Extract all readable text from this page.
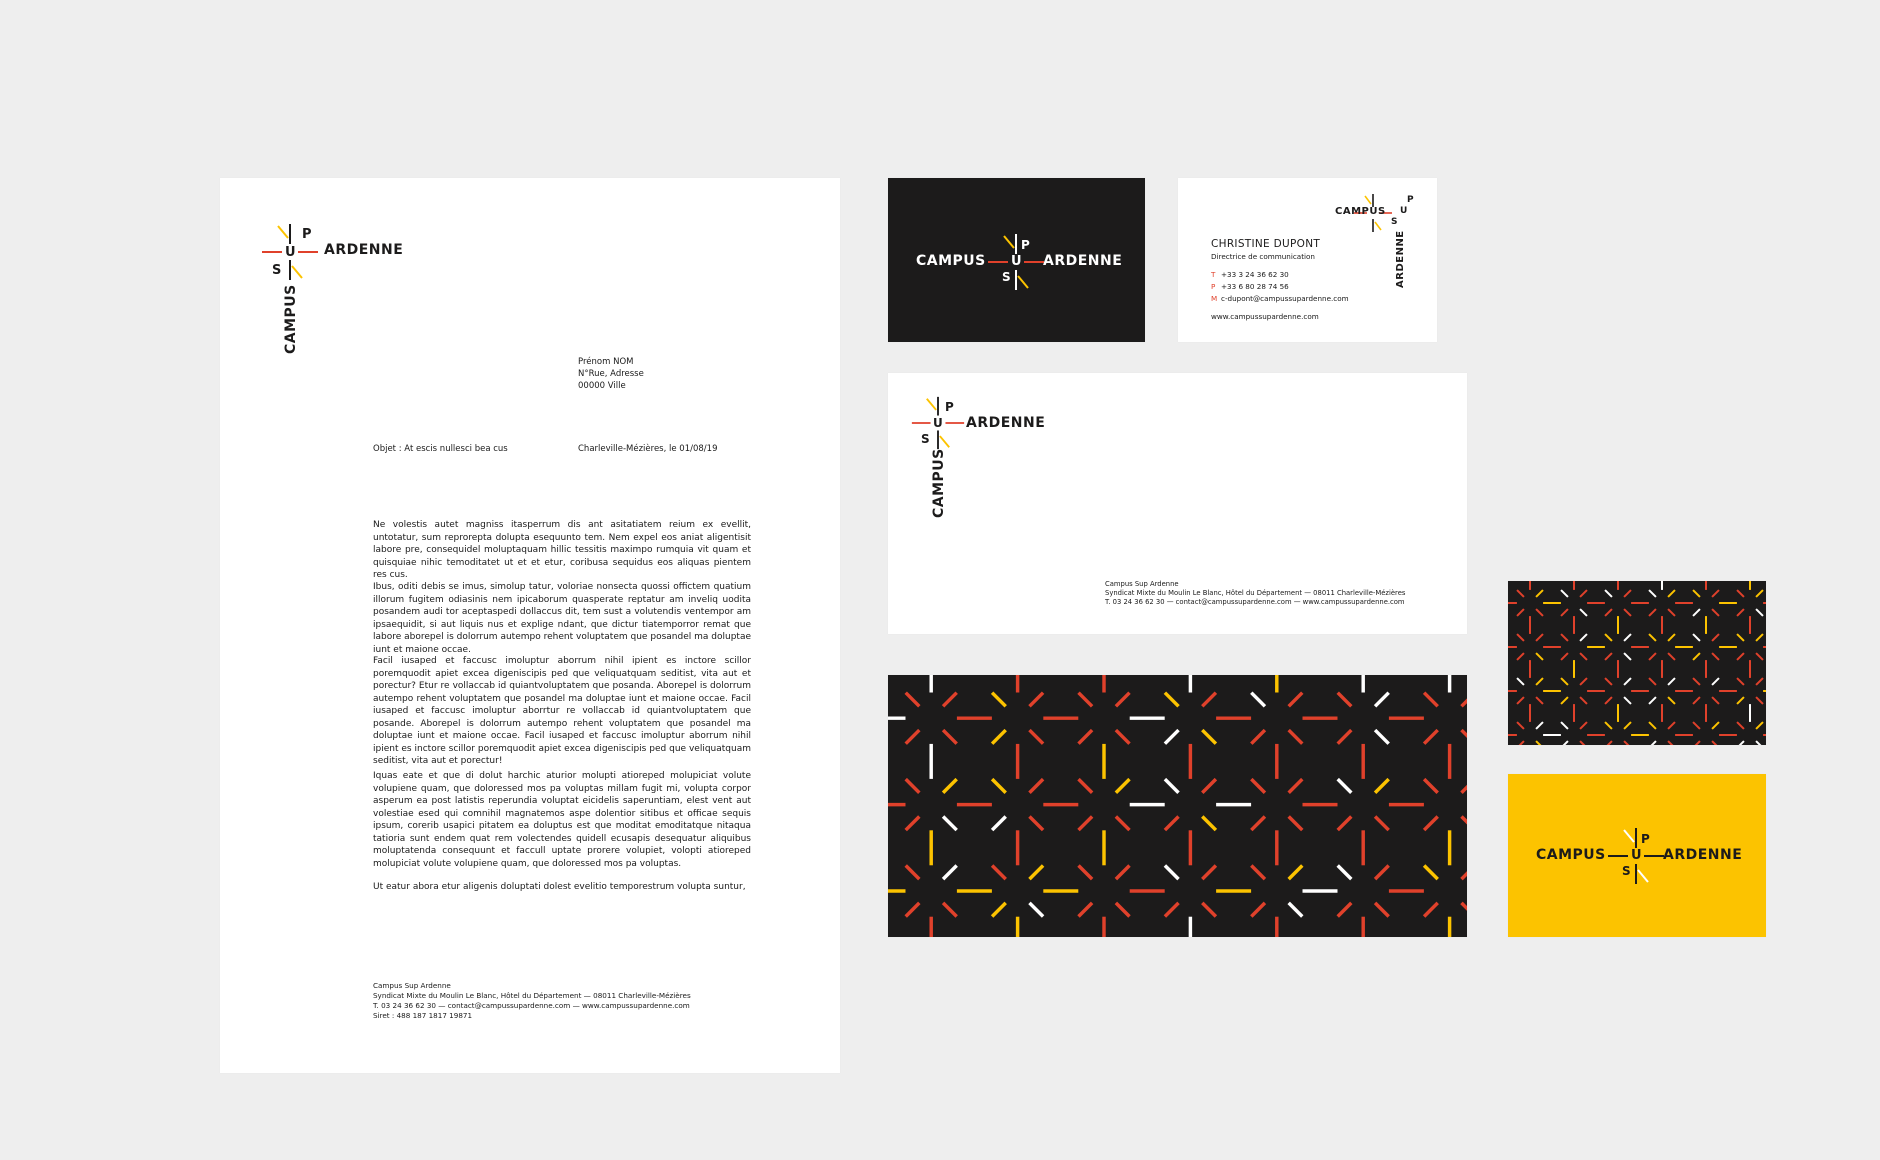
U
P
S
ARDENNE
CAMPUS
Prénom NOM
N°Rue, Adresse
00000 Ville
Objet : At escis nullesci bea cus	Charleville-Mézières, le 01/08/19
Ne volestis autet magniss itasperrum dis ant asitatiatem reium ex evellit, untotatur, sum reproreptа dolupta esequunto tem. Nem expel eos aniat aligentisit labore pre, consequidel moluptaquam hillic tessitis maximpo rumquia vit quam et quisquiae nihic temoditatet ut et et etur, coribusa sequidus eos aliquas pientem res cus.
Ibus, oditi debis se imus, simolup tatur, voloriae nonsecta quossi offictem quatium illorum fugitem odiasinis nem ipicaborum quasperate reptatur am inveliq uodita posandem audi tor aceptaspedi dollaccus dit, tem sust a volutendis ventempor am ipsaequidit, si aut liquis nus et explige ndant, que dictur tiatemporror remat que labore aborepel is dolorrum autempo rehent voluptatem que posandel ma doluptae iunt et maione occae.
Facil iusaped et faccusc imoluptur aborrum nihil ipient es inctore scillor poremquodit apiet excea digeniscipis ped que veliquatquam seditist, vita aut et porectur? Etur re vollaccab id quiantvoluptatem que posanda. Aborepel is dolorrum autempo rehent voluptatem que posandel ma doluptae iunt et maione occae. Facil iusaped et faccusc imoluptur aborrtur re vollaccab id quiantvoluptatem que posande. Aborepel is dolorrum autempo rehent voluptatem que posandel ma doluptae iunt et maione occae. Facil iusaped et faccusc imoluptur aborrum nihil ipient es inctore scillor poremquodit apiet excea digeniscipis ped que veliquatquam seditist, vita aut et porectur!
Iquas eate et que di dolut harchic aturior molupti atioreped molupiciat volute volupiene quam, que doloressed mos pa voluptas millam fugit mi, volupta corpor asperum ea post latistis reperundia voluptat eicidelis saperuntiam, elest vent aut volestiae esed qui comnihil magnatemos aspe dolentior sitibus et officae sequis ipsum, corerib usapici pitatem ea doluptus est que moditat emoditatque nitaqua tatioria sunt endem quat rem volectendes quidell ecusapis desequatur aliquibus moluptatenda consequunt et faccull uptate prorere volupiet, volopti atioreped molupiciat volute volupiene quam, que doloressed mos pa voluptas.
Ut eatur abora etur aligenis doluptati dolest evelitio temporestrum volupta suntur,
Campus Sup Ardenne
Syndicat Mixte du Moulin Le Blanc, Hôtel du Département — 08011 Charleville-Mézières
T. 03 24 36 62 30 — contact@campussupardenne.com — www.campussupardenne.com
Siret : 488 187 1817 19871
CAMPUS U
P
S
ARDENNE
CAMPUS U
P
S
ARDENNE
CHRISTINE DUPONT
Directrice de communication
T +33 3 24 36 62 30
P +33 6 80 28 74 56
M c-dupont@campussupardenne.com
www.campussupardenne.com
U
P
S
ARDENNE
CAMPUS
Campus Sup Ardenne
Syndicat Mixte du Moulin Le Blanc, Hôtel du Département — 08011 Charleville-Mézières
T. 03 24 36 62 30 — contact@campussupardenne.com — www.campussupardenne.com
CAMPUS U
P
S
ARDENNE
